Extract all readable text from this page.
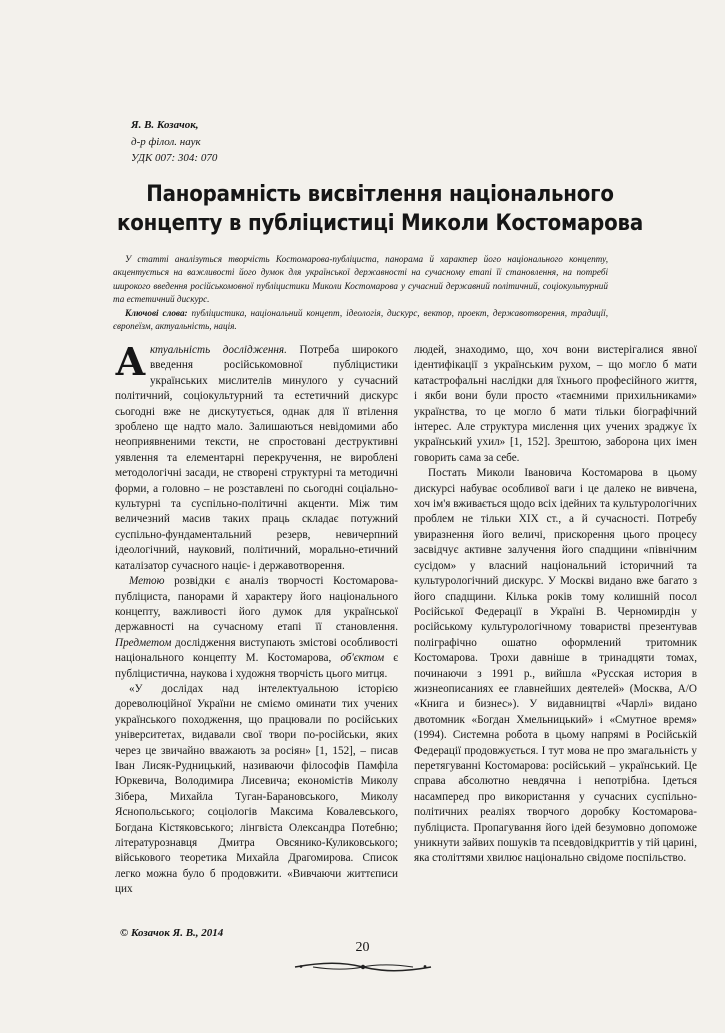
Я. В. Козачок,
д-р філол. наук
УДК 007: 304: 070
Панорамність висвітлення національного
концепту в публіцистиці Миколи Костомарова
У статті аналізуться творчість Костомарова-публіциста, панорама й характер його національного концепту, акцентується на важливості його думок для української державності на сучасному етапі її становлення, на потребі широкого введення російськомовної публіцистики Миколи Костомарова у сучасний державний політичний, соціокультурний та естетичний дискурс.
Ключові слова: публіцистика, національний концепт, ідеологія, дискурс, вектор, проект, державотворення, традиції, європеїзм, актуальність, нація.

Актуальність дослідження. Потреба широкого введення російськомовної публіцистики українських мислителів минулого у сучасний політичний, соціокультурний та естетичний дискурс сьогодні вже не дискутується, однак для її втілення зроблено ще надто мало. Залишаються невідомими або неоприявненими тексти, не спростовані деструктивні уявлення та елементарні перекручення, не вироблені методологічні засади, не створені структурні та методичні форми, а головно – не розставлені по сьогодні соціально-культурні та суспільно-політичні акценти. Між тим величезний масив таких праць складає потужний суспільно-фундаментальний резерв, невичерпний ідеологічний, науковий, політичний, морально-етичний каталізатор сучасного націє- і державотворення.

Метою розвідки є аналіз творчості Костомарова-публіциста, панорами й характеру його національного концепту, важливості його думок для української державності на сучасному етапі її становлення. Предметом дослідження виступають змістові особливості національного концепту М. Костомарова, об'єктом є публіцистична, наукова і художня творчість цього митця.

«У дослідах над інтелектуальною історією дореволюційної України не сміємо оминати тих учених українського походження, що працювали по російських університетах, видавали свої твори по-російськи, яких через це звичайно вважають за росіян» [1, 152], – писав Іван Лисяк-Рудницький, називаючи філософів Памфіла Юркевича, Володимира Лисевича; економістів Миколу Зібера, Михайла Туган-Барановського, Миколу Яснопольського; соціологів Максима Ковалевського, Богдана Кістяковського; лінгвіста Олександра Потебню; літературознавця Дмитра Овсянико-Куликовського; військового теоретика Михайла Драгомирова. Список легко можна було б продовжити. «Вивчаючи життєписи цих

людей, знаходимо, що, хоч вони вистерігалися явної ідентифікації з українським рухом, – що могло б мати катастрофальні наслідки для їхнього професійного життя, і якби вони були просто «таємними прихильниками» українства, то це могло б мати тільки біографічний інтерес. Але структура мислення цих учених зраджує їх український ухил» [1, 152]. Зрештою, заборона цих імен говорить сама за себе.

Постать Миколи Івановича Костомарова в цьому дискурсі набуває особливої ваги і це далеко не вивчена, хоч ім'я вживається щодо всіх ідейних та культурологічних проблем не тільки XIX ст., а й сучасності. Потребу увиразнення його величі, прискорення цього процесу засвідчує активне залучення його спадщини «північним сусідом» у власний національний історичний та культурологічний дискурс. У Москві видано вже багато з його спадщини. Кілька років тому колишній посол Російської Федерації в Україні В. Черномирдін у російському культурологічному товаристві презентував поліграфічно ошатно оформлений тритомник Костомарова. Трохи давніше в тринадцяти томах, починаючи з 1991 р., вийшла «Русская история в жизнеописаниях ее главнейших деятелей» (Москва, А/О «Книга и бизнес»). У видавництві «Чарлі» видано двотомник «Богдан Хмельницький» і «Смутное время» (1994). Системна робота в цьому напрямі в Російській Федерації продовжується. І тут мова не про змагальність у перетягуванні Костомарова: російський – український. Це справа абсолютно невдячна і непотрібна. Ідеться насамперед про використання у сучасних суспільно-політичних реаліях творчого доробку Костомарова-публіциста. Пропагування його ідей безумовно допоможе уникнути зайвих пошуків та псевдовідкриттів у тій царині, яка століттями хвилює національно свідоме поспільство.

© Козачок Я. В., 2014
20
